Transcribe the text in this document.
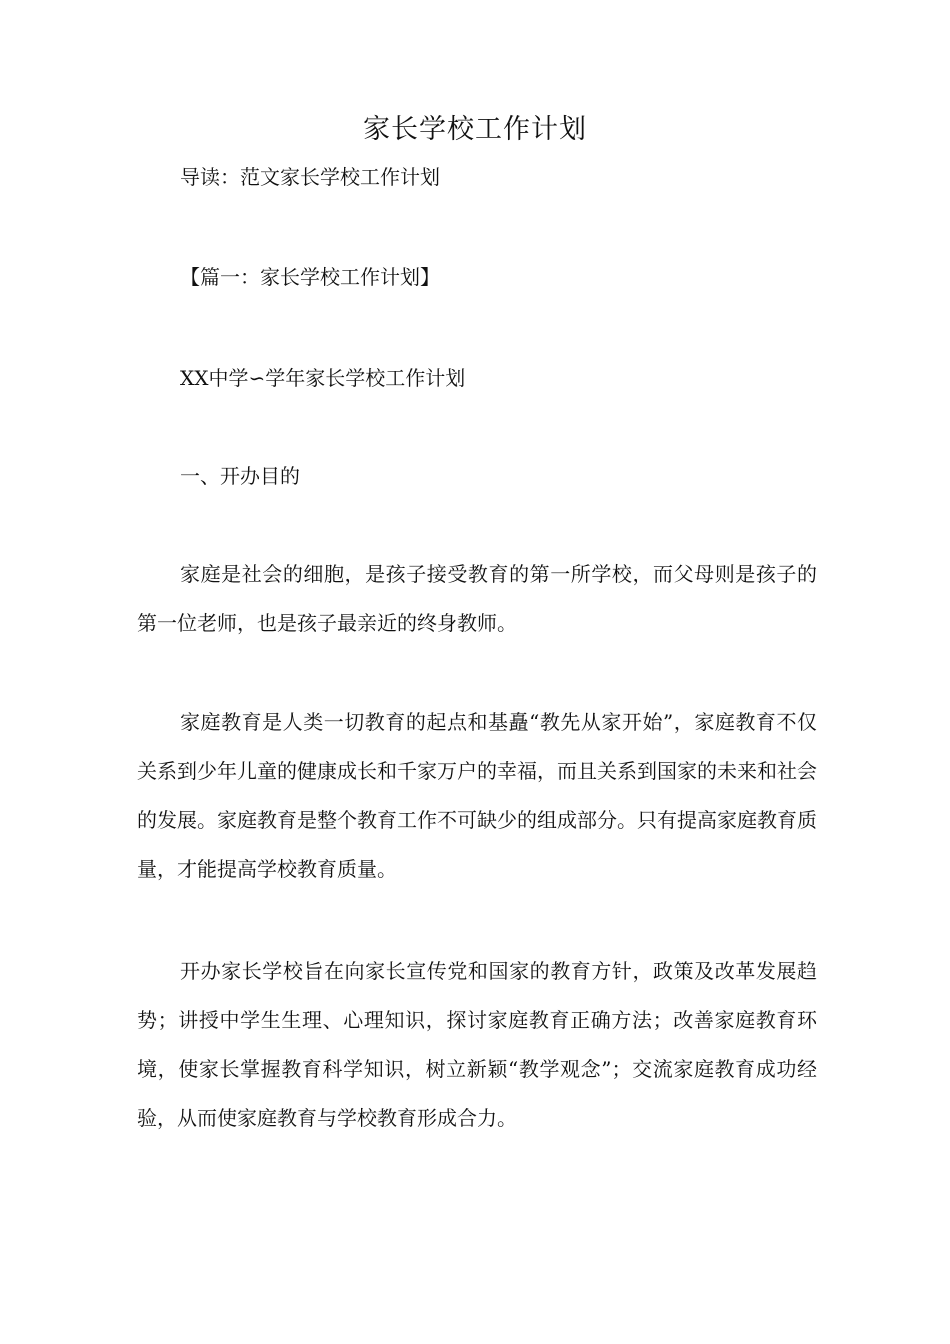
家长学校工作计划

导读：范文家长学校工作计划

【篇一：家长学校工作计划】

XX中学∽学年家长学校工作计划

一、开办目的

家庭是社会的细胞，是孩子接受教育的第一所学校，而父母则是孩子的第一位老师，也是孩子最亲近的终身教师。

家庭教育是人类一切教育的起点和基矗“教先从家开始”，家庭教育不仅关系到少年儿童的健康成长和千家万户的幸福，而且关系到国家的未来和社会的发展。家庭教育是整个教育工作不可缺少的组成部分。只有提高家庭教育质量，才能提高学校教育质量。

开办家长学校旨在向家长宣传党和国家的教育方针，政策及改革发展趋势；讲授中学生生理、心理知识，探讨家庭教育正确方法；改善家庭教育环境，使家长掌握教育科学知识，树立新颖“教学观念”；交流家庭教育成功经验，从而使家庭教育与学校教育形成合力。
